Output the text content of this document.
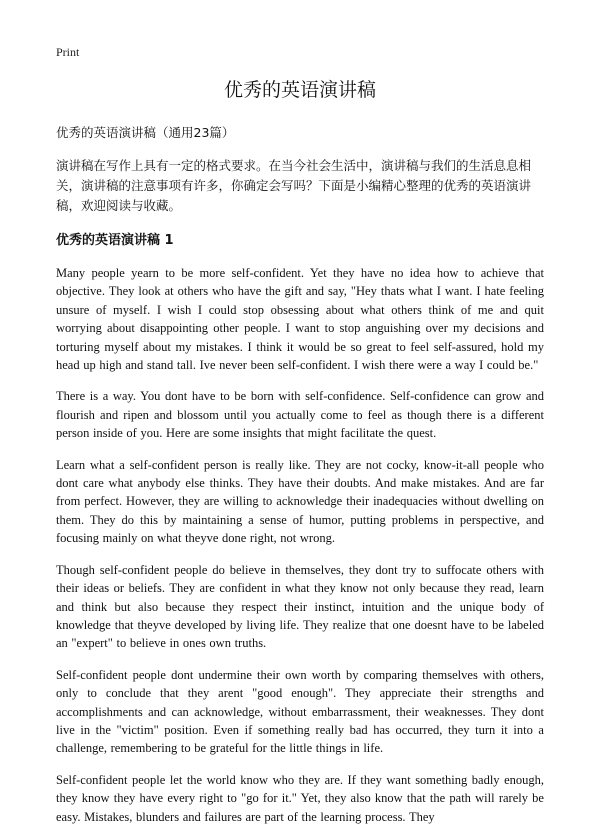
Print
优秀的英语演讲稿
优秀的英语演讲稿（通用23篇）

演讲稿在写作上具有一定的格式要求。在当今社会生活中，演讲稿与我们的生活息息相关，演讲稿的注意事项有许多，你确定会写吗？下面是小编精心整理的优秀的英语演讲稿，欢迎阅读与收藏。

优秀的英语演讲稿 1

Many people yearn to be more self-confident. Yet they have no idea how to achieve that objective. They look at others who have the gift and say, "Hey thats what I want. I hate feeling unsure of myself. I wish I could stop obsessing about what others think of me and quit worrying about disappointing other people. I want to stop anguishing over my decisions and torturing myself about my mistakes. I think it would be so great to feel self-assured, hold my head up high and stand tall. Ive never been self-confident. I wish there were a way I could be."

There is a way. You dont have to be born with self-confidence. Self-confidence can grow and flourish and ripen and blossom until you actually come to feel as though there is a different person inside of you. Here are some insights that might facilitate the quest.

Learn what a self-confident person is really like. They are not cocky, know-it-all people who dont care what anybody else thinks. They have their doubts. And make mistakes. And are far from perfect. However, they are willing to acknowledge their inadequacies without dwelling on them. They do this by maintaining a sense of humor, putting problems in perspective, and focusing mainly on what theyve done right, not wrong.

Though self-confident people do believe in themselves, they dont try to suffocate others with their ideas or beliefs. They are confident in what they know not only because they read, learn and think but also because they respect their instinct, intuition and the unique body of knowledge that theyve developed by living life. They realize that one doesnt have to be labeled an "expert" to believe in ones own truths.

Self-confident people dont undermine their own worth by comparing themselves with others, only to conclude that they arent "good enough". They appreciate their strengths and accomplishments and can acknowledge, without embarrassment, their weaknesses. They dont live in the "victim" position. Even if something really bad has occurred, they turn it into a challenge, remembering to be grateful for the little things in life.

Self-confident people let the world know who they are. If they want something badly enough, they know they have every right to "go for it." Yet, they also know that the path will rarely be easy. Mistakes, blunders and failures are part of the learning process. They
